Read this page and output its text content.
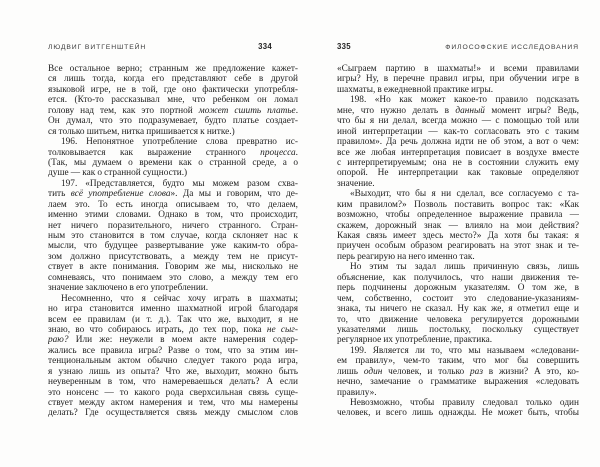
ЛЮДВИГ ВИТГЕНШТЕЙН	334
Все остальное верно; странным же предложение кажет-
ся лишь тогда, когда его представляют себе в другой
языковой игре, не в той, где оно фактически употребля-
ется. (Кто-то рассказывал мне, что ребенком он ломал
голову над тем, как это портной может сшить платье.
Он думал, что это подразумевает, будто платье создает-
ся только шитьем, нитка пришивается к нитке.)
196. Непонятное употребление слова превратно ис-
толковывается как выражение странного процесса.
(Так, мы думаем о времени как о странной среде, а о
душе — как о странной сущности.)
197. «Представляется, будто мы можем разом схва-
тить всё употребление слова». Да мы и говорим, что де-
лаем это. То есть иногда описываем то, что делаем,
именно этими словами. Однако в том, что происходит,
нет ничего поразительного, ничего странного. Стран-
ным это становится в том случае, когда склоняет нас к
мысли, что будущее развертывание уже каким-то обра-
зом должно присутствовать, а между тем не присут-
ствует в акте понимания. Говорим же мы, нисколько не
сомневаясь, что понимаем это слово, а между тем его
значение заключено в его употреблении.
Несомненно, что я сейчас хочу играть в шахматы;
но игра становится именно шахматной игрой благодаря
всем ее правилам (и т. д.). Так что же, выходит, я не
знаю, во что собираюсь играть, до тех пор, пока не сыг-
раю? Или же: неужели в моем акте намерения содер-
жались все правила игры? Разве о том, что за этим ин-
тенциональным актом обычно следует такого рода игра,
я узнаю лишь из опыта? Что же, выходит, можно быть
неуверенным в том, что намереваешься делать? А если
это нонсенс — то какого рода сверхсильная связь суще-
ствует между актом намерения и тем, что мы намерены
делать? Где осуществляется связь между смыслом слов
335	ФИЛОСОФСКИЕ ИССЛЕДОВАНИЯ
«Сыграем партию в шахматы!» и всеми правилами
игры? Ну, в перечне правил игры, при обучении игре в
шахматы, в ежедневной практике игры.
198. «Но как может какое-то правило подсказать
мне, что нужно делать в данный момент игры? Ведь,
что бы я ни делал, всегда можно — с помощью той или
иной интерпретации — как-то согласовать это с таким
правилом». Да речь должна идти не об этом, а вот о чем:
все же любая интерпретация повисает в воздухе вместе
с интерпретируемым; она не в состоянии служить ему
опорой. Не интерпретации как таковые определяют
значение.
«Выходит, что бы я ни сделал, все согласуемо с та-
ким правилом?» Позволь поставить вопрос так: «Как
возможно, чтобы определенное выражение правила —
скажем, дорожный знак — влияло на мои действия?
Какая связь имеет здесь место?» Да хотя бы такая: я
приучен особым образом реагировать на этот знак и те-
перь реагирую на него именно так.
Но этим ты задал лишь причинную связь, лишь
объяснение, как получилось, что наши движения те-
перь подчинены дорожным указателям. О том же, в
чем, собственно, состоит это следование-указаниям-
знака, ты ничего не сказал. Ну как же, я отметил еще и
то, что движение человека регулируется дорожными
указателями лишь постольку, поскольку существует
регулярное их употребление, практика.
199. Является ли то, что мы называем «следовани-
ем правилу», чем-то таким, что мог бы совершить
лишь один человек, и только раз в жизни? А это, ко-
нечно, замечание о грамматике выражения «следовать
правилу».
Невозможно, чтобы правилу следовал только один
человек, и всего лишь однажды. Не может быть, чтобы
